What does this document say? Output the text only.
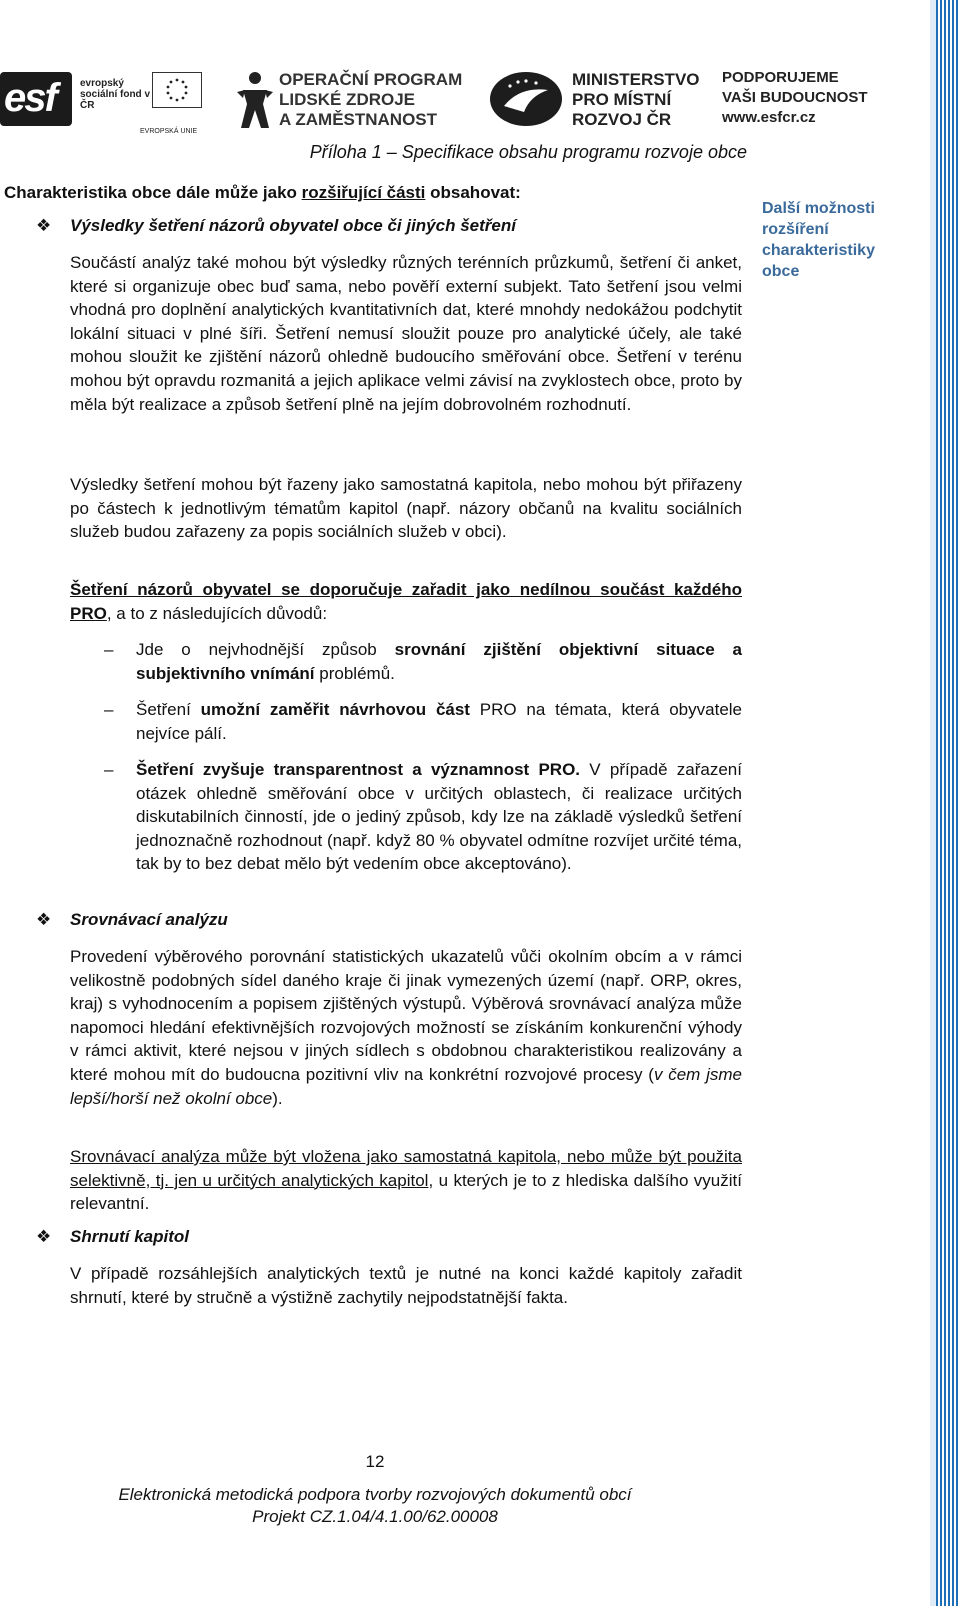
esf evropský sociální fond v ČR
EVROPSKÁ UNIE
OPERAČNÍ PROGRAM
LIDSKÉ ZDROJE
A ZAMĚSTNANOST
MINISTERSTVO
PRO MÍSTNÍ
ROZVOJ ČR
PODPORUJEME
VAŠI BUDOUCNOST
www.esfcr.cz
Příloha 1 – Specifikace obsahu programu rozvoje obce
Charakteristika obce dále může jako rozšiřující části obsahovat:
Další možnosti rozšíření charakteristiky obce
❖ Výsledky šetření názorů obyvatel obce či jiných šetření
Součástí analýz také mohou být výsledky různých terénních průzkumů, šetření či anket, které si organizuje obec buď sama, nebo pověří externí subjekt. Tato šetření jsou velmi vhodná pro doplnění analytických kvantitativních dat, které mnohdy nedokážou podchytit lokální situaci v plné šíři. Šetření nemusí sloužit pouze pro analytické účely, ale také mohou sloužit ke zjištění názorů ohledně budoucího směřování obce. Šetření v terénu mohou být opravdu rozmanitá a jejich aplikace velmi závisí na zvyklostech obce, proto by měla být realizace a způsob šetření plně na jejím dobrovolném rozhodnutí.
Výsledky šetření mohou být řazeny jako samostatná kapitola, nebo mohou být přiřazeny po částech k jednotlivým tématům kapitol (např. názory občanů na kvalitu sociálních služeb budou zařazeny za popis sociálních služeb v obci).
Šetření názorů obyvatel se doporučuje zařadit jako nedílnou součást každého PRO, a to z následujících důvodů:
– Jde o nejvhodnější způsob srovnání zjištění objektivní situace a subjektivního vnímání problémů.
– Šetření umožní zaměřit návrhovou část PRO na témata, která obyvatele nejvíce pálí.
– Šetření zvyšuje transparentnost a významnost PRO. V případě zařazení otázek ohledně směřování obce v určitých oblastech, či realizace určitých diskutabilních činností, jde o jediný způsob, kdy lze na základě výsledků šetření jednoznačně rozhodnout (např. když 80 % obyvatel odmítne rozvíjet určité téma, tak by to bez debat mělo být vedením obce akceptováno).
❖ Srovnávací analýzu
Provedení výběrového porovnání statistických ukazatelů vůči okolním obcím a v rámci velikostně podobných sídel daného kraje či jinak vymezených území (např. ORP, okres, kraj) s vyhodnocením a popisem zjištěných výstupů. Výběrová srovnávací analýza může napomoci hledání efektivnějších rozvojových možností se získáním konkurenční výhody v rámci aktivit, které nejsou v jiných sídlech s obdobnou charakteristikou realizovány a které mohou mít do budoucna pozitivní vliv na konkrétní rozvojové procesy (v čem jsme lepší/horší než okolní obce).
Srovnávací analýza může být vložena jako samostatná kapitola, nebo může být použita selektivně, tj. jen u určitých analytických kapitol, u kterých je to z hlediska dalšího využití relevantní.
❖ Shrnutí kapitol
V případě rozsáhlejších analytických textů je nutné na konci každé kapitoly zařadit shrnutí, které by stručně a výstižně zachytily nejpodstatnější fakta.
12
Elektronická metodická podpora tvorby rozvojových dokumentů obcí
Projekt CZ.1.04/4.1.00/62.00008
